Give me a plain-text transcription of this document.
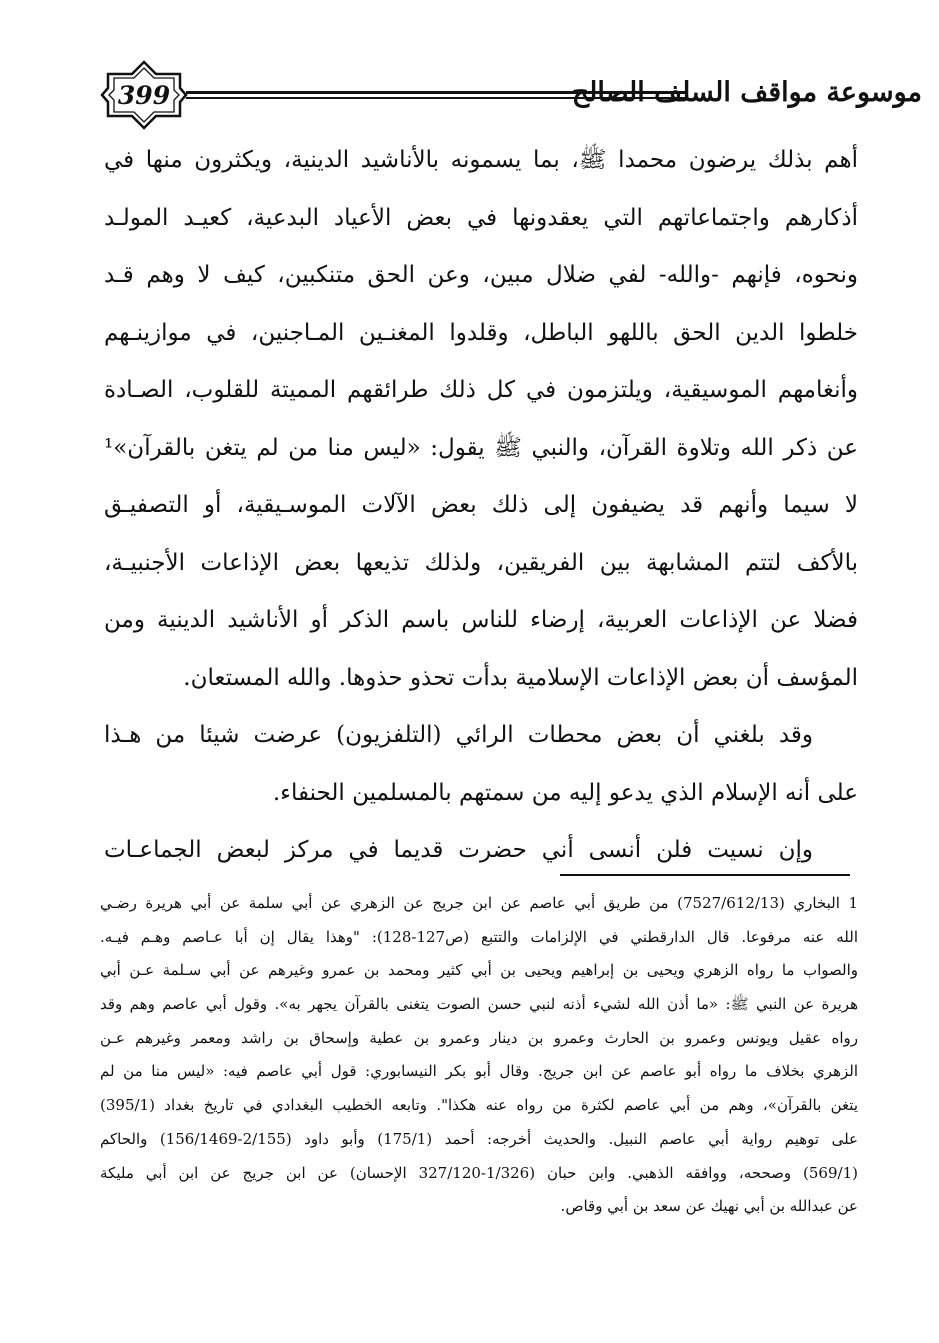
399	موسوعة مواقف السلف الصالح
أهم بذلك يرضون محمدا ﷺ، بما يسمونه بالأناشيد الدينية، ويكثرون منها في
أذكارهم واجتماعاتهم التي يعقدونها في بعض الأعياد البدعية، كعيـد المولـد
ونحوه، فإنهم -والله- لفي ضلال مبين، وعن الحق متنكبين، كيف لا وهم قـد
خلطوا الدين الحق باللهو الباطل، وقلدوا المغنـين المـاجنين، في موازينـهم
وأنغامهم الموسيقية، ويلتزمون في كل ذلك طرائقهم المميتة للقلوب، الصـادة
عن ذكر الله وتلاوة القرآن، والنبي ﷺ يقول: «ليس منا من لم يتغن بالقرآن»¹
لا سيما وأنهم قد يضيفون إلى ذلك بعض الآلات الموسـيقية، أو التصفيـق
بالأكف لتتم المشابهة بين الفريقين، ولذلك تذيعها بعض الإذاعات الأجنبيـة،
فضلا عن الإذاعات العربية، إرضاء للناس باسم الذكر أو الأناشيد الدينية ومن
المؤسف أن بعض الإذاعات الإسلامية بدأت تحذو حذوها. والله المستعان.
وقد بلغني أن بعض محطات الرائي (التلفزيون) عرضت شيئا من هـذا
على أنه الإسلام الذي يدعو إليه من سمتهم بالمسلمين الحنفاء.
وإن نسيت فلن أنسى أني حضرت قديما في مركز لبعض الجماعـات
1 البخاري (7527/612/13) من طريق أبي عاصم عن ابن جريج عن الزهري عن أبي سلمة عن أبي هريرة رضـي
الله عنه مرفوعا. قال الدارقطني في الإلزامات والتتبع (ص127-128): "وهذا يقال إن أبا عـاصم وهـم فيـه.
والصواب ما رواه الزهري ويحيى بن إبراهيم ويحيى بن أبي كثير ومحمد بن عمرو وغيرهم عن أبي سـلمة عـن أبي
هريرة عن النبي ﷺ: «ما أذن الله لشيء أذنه لنبي حسن الصوت يتغنى بالقرآن يجهر به». وقول أبي عاصم وهم وقد
رواه عقيل ويونس وعمرو بن الحارث وعمرو بن دينار وعمرو بن عطية وإسحاق بن راشد ومعمر وغيرهم عـن
الزهري بخلاف ما رواه أبو عاصم عن ابن جريج. وقال أبو بكر النيسابوري: قول أبي عاصم فيه: «ليس منا من لم
يتغن بالقرآن»، وهم من أبي عاصم لكثرة من رواه عنه هكذا". وتابعه الخطيب البغدادي في تاريخ بغداد (395/1)
على توهيم رواية أبي عاصم النبيل. والحديث أخرجه: أحمد (175/1) وأبو داود (2/155-156/1469) والحاكم
(569/1) وصححه، ووافقه الذهبي. وابن حبان (1/326-327/120 الإحسان) عن ابن جريج عن ابن أبي مليكة
عن عبدالله بن أبي نهيك عن سعد بن أبي وقاص.
